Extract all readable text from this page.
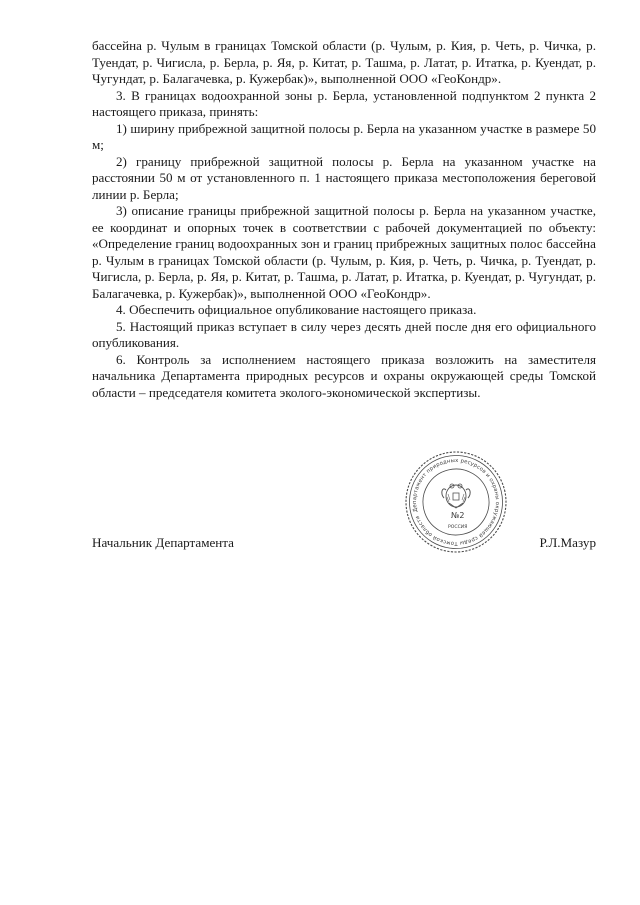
бассейна р. Чулым в границах Томской области (р. Чулым, р. Кия, р. Четь, р. Чичка, р. Туендат, р. Чигисла, р. Берла, р. Яя, р. Китат, р. Ташма, р. Латат, р. Итатка, р. Куендат, р. Чугундат, р. Балагачевка, р. Кужербак)», выполненной ООО «ГеоКондр».

3. В границах водоохранной зоны р. Берла, установленной подпунктом 2 пункта 2 настоящего приказа, принять:

1) ширину прибрежной защитной полосы р. Берла на указанном участке в размере 50 м;

2) границу прибрежной защитной полосы р. Берла на указанном участке на расстоянии 50 м от установленного п. 1 настоящего приказа местоположения береговой линии р. Берла;

3) описание границы прибрежной защитной полосы р. Берла на указанном участке, ее координат и опорных точек в соответствии с рабочей документацией по объекту: «Определение границ водоохранных зон и границ прибрежных защитных полос бассейна р. Чулым в границах Томской области (р. Чулым, р. Кия, р. Четь, р. Чичка, р. Туендат, р. Чигисла, р. Берла, р. Яя, р. Китат, р. Ташма, р. Латат, р. Итатка, р. Куендат, р. Чугундат, р. Балагачевка, р. Кужербак)», выполненной ООО «ГеоКондр».

4. Обеспечить официальное опубликование настоящего приказа.

5. Настоящий приказ вступает в силу через десять дней после дня его официального опубликования.

6. Контроль за исполнением настоящего приказа возложить на заместителя начальника Департамента природных ресурсов и охраны окружающей среды Томской области – председателя комитета эколого-экономической экспертизы.

Департамент природных ресурсов и охраны окружающей среды Томской области	№2
РОССИЯ
Начальник Департамента	Р.Л.Мазур
